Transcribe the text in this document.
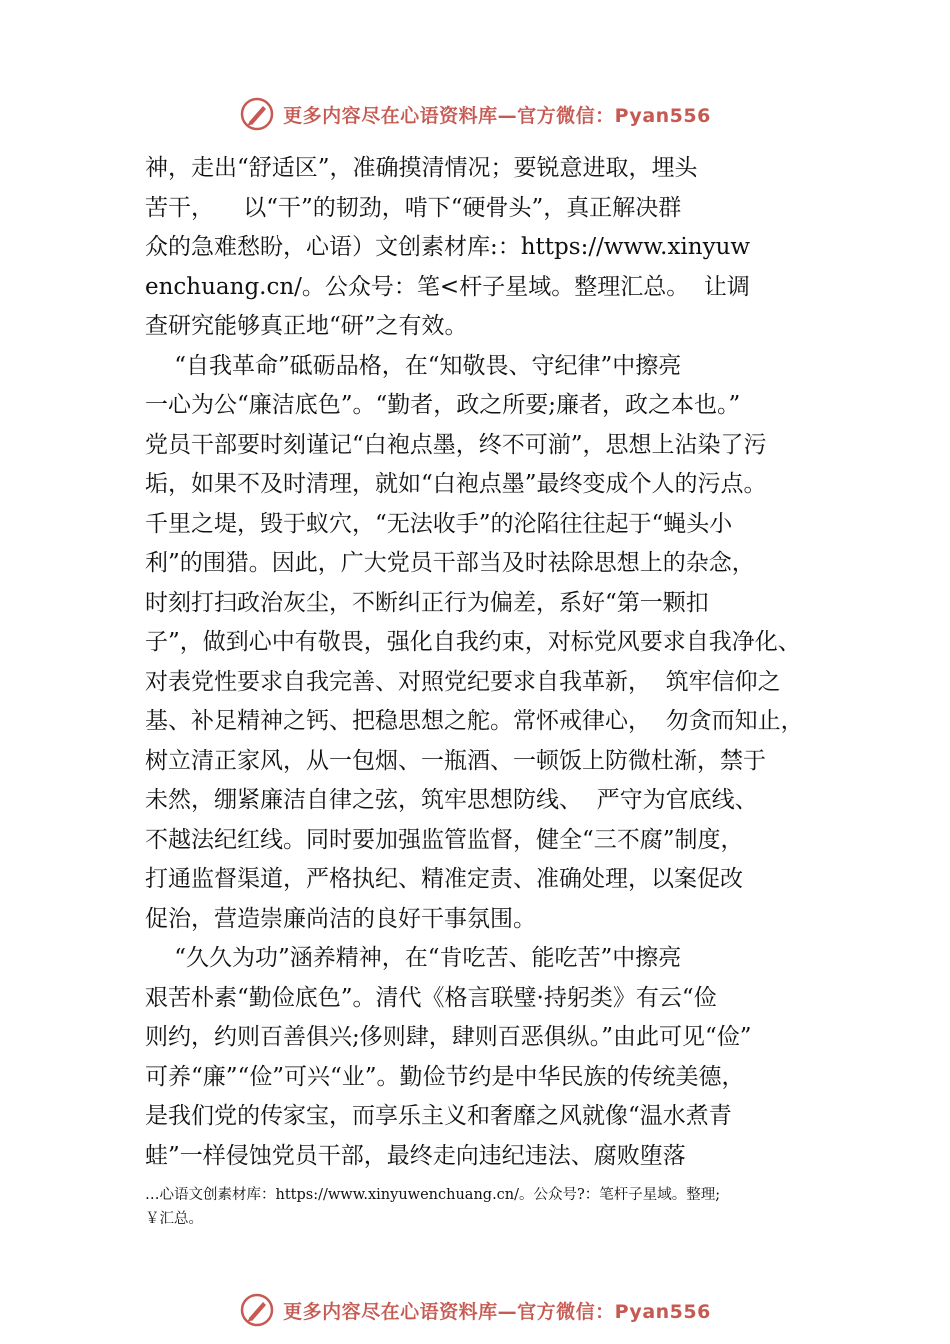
更多内容尽在心语资料库—官方微信：Pyan556
神，走出“舒适区”，准确摸清情况；要锐意进取，埋头
苦干，    以“干”的韧劲，啃下“硬骨头”，真正解决群
众的急难愁盼，心语）文创素材库:：https://www.xinyuw
enchuang.cn/。公众号：笔<杆子星域。整理汇总。  让调
查研究能够真正地“研”之有效。
“自我革命”砥砺品格，在“知敬畏、守纪律”中擦亮
一心为公“廉洁底色”。“勤者，政之所要;廉者，政之本也。”
党员干部要时刻谨记“白袍点墨，终不可湔”，思想上沾染了污
垢，如果不及时清理，就如“白袍点墨”最终变成个人的污点。
千里之堤，毁于蚁穴，“无法收手”的沦陷往往起于“蝇头小
利”的围猎。因此，广大党员干部当及时祛除思想上的杂念，
时刻打扫政治灰尘，不断纠正行为偏差，系好“第一颗扣
子”，做到心中有敬畏，强化自我约束，对标党风要求自我净化、
对表党性要求自我完善、对照党纪要求自我革新，  筑牢信仰之
基、补足精神之钙、把稳思想之舵。常怀戒律心，  勿贪而知止，
树立清正家风，从一包烟、一瓶酒、一顿饭上防微杜渐，禁于
未然，绷紧廉洁自律之弦，筑牢思想防线、  严守为官底线、
不越法纪红线。同时要加强监管监督，健全“三不腐”制度，
打通监督渠道，严格执纪、精准定责、准确处理，以案促改
促治，营造崇廉尚洁的良好干事氛围。
“久久为功”涵养精神，在“肯吃苦、能吃苦”中擦亮
艰苦朴素“勤俭底色”。清代《格言联璧·持躬类》有云“俭
则约，约则百善俱兴;侈则肆，肆则百恶俱纵。”由此可见“俭”
可养“廉”“俭”可兴“业”。勤俭节约是中华民族的传统美德，
是我们党的传家宝，而享乐主义和奢靡之风就像“温水煮青
蛙”一样侵蚀党员干部，最终走向违纪违法、腐败堕落
…心语文创素材库：https://www.xinyuwenchuang.cn/。公众号?：笔杆子星域。整理;
￥汇总。
更多内容尽在心语资料库—官方微信：Pyan556
